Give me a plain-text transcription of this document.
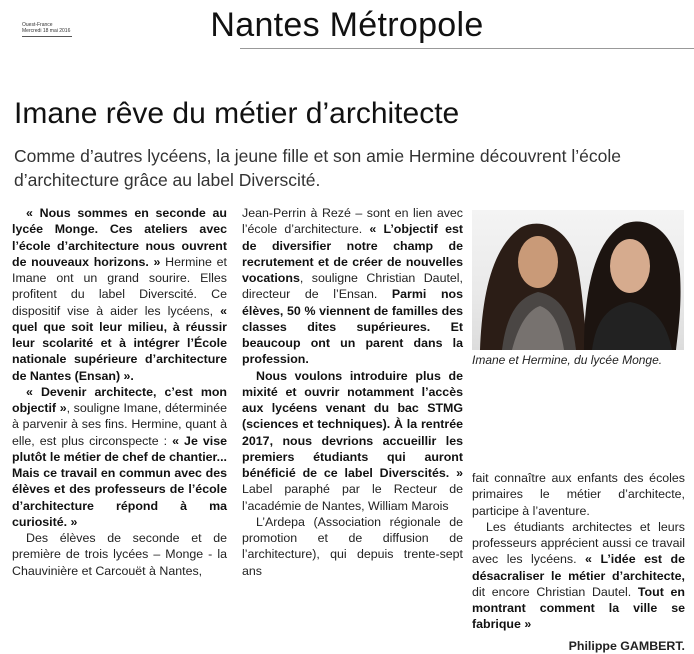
Ouest-France
Mercredi 18 mai 2016	Nantes Métropole
Imane rêve du métier d’architecte

Comme d’autres lycéens, la jeune fille et son amie Hermine découvrent l’école d’architecture grâce au label Diverscité.

« Nous sommes en seconde au lycée Monge. Ces ateliers avec l’école d’architecture nous ouvrent de nouveaux horizons. » Hermine et Imane ont un grand sourire. Elles profitent du label Diverscité. Ce dispositif vise à aider les lycéens, « quel que soit leur milieu, à réussir leur scolarité et à intégrer l’École nationale supérieure d’architecture de Nantes (Ensan) ».

« Devenir architecte, c’est mon objectif », souligne Imane, déterminée à parvenir à ses fins. Hermine, quant à elle, est plus circonspecte : « Je vise plutôt le métier de chef de chantier... Mais ce travail en commun avec des élèves et des professeurs de l’école d’architecture répond à ma curiosité. »

Des élèves de seconde et de première de trois lycées – Monge - la Chauvinière et Carcouët à Nantes,

Jean-Perrin à Rezé – sont en lien avec l’école d’architecture. « L’objectif est de diversifier notre champ de recrutement et de créer de nouvelles vocations, souligne Christian Dautel, directeur de l’Ensan. Parmi nos élèves, 50 % viennent de familles des classes dites supérieures. Et beaucoup ont un parent dans la profession.

Nous voulons introduire plus de mixité et ouvrir notamment l’accès aux lycéens venant du bac STMG (sciences et techniques). À la rentrée 2017, nous devrions accueillir les premiers étudiants qui auront bénéficié de ce label Diverscités. » Label paraphé par le Recteur de l’académie de Nantes, William Marois

L’Ardepa (Association régionale de promotion et de diffusion de l’architecture), qui depuis trente-sept ans

Imane et Hermine, du lycée Monge.

fait connaître aux enfants des écoles primaires le métier d’architecte, participe à l’aventure.

Les étudiants architectes et leurs professeurs apprécient aussi ce travail avec les lycéens. « L’idée est de désacraliser le métier d’architecte, dit encore Christian Dautel. Tout en montrant comment la ville se fabrique »

Philippe GAMBERT.
